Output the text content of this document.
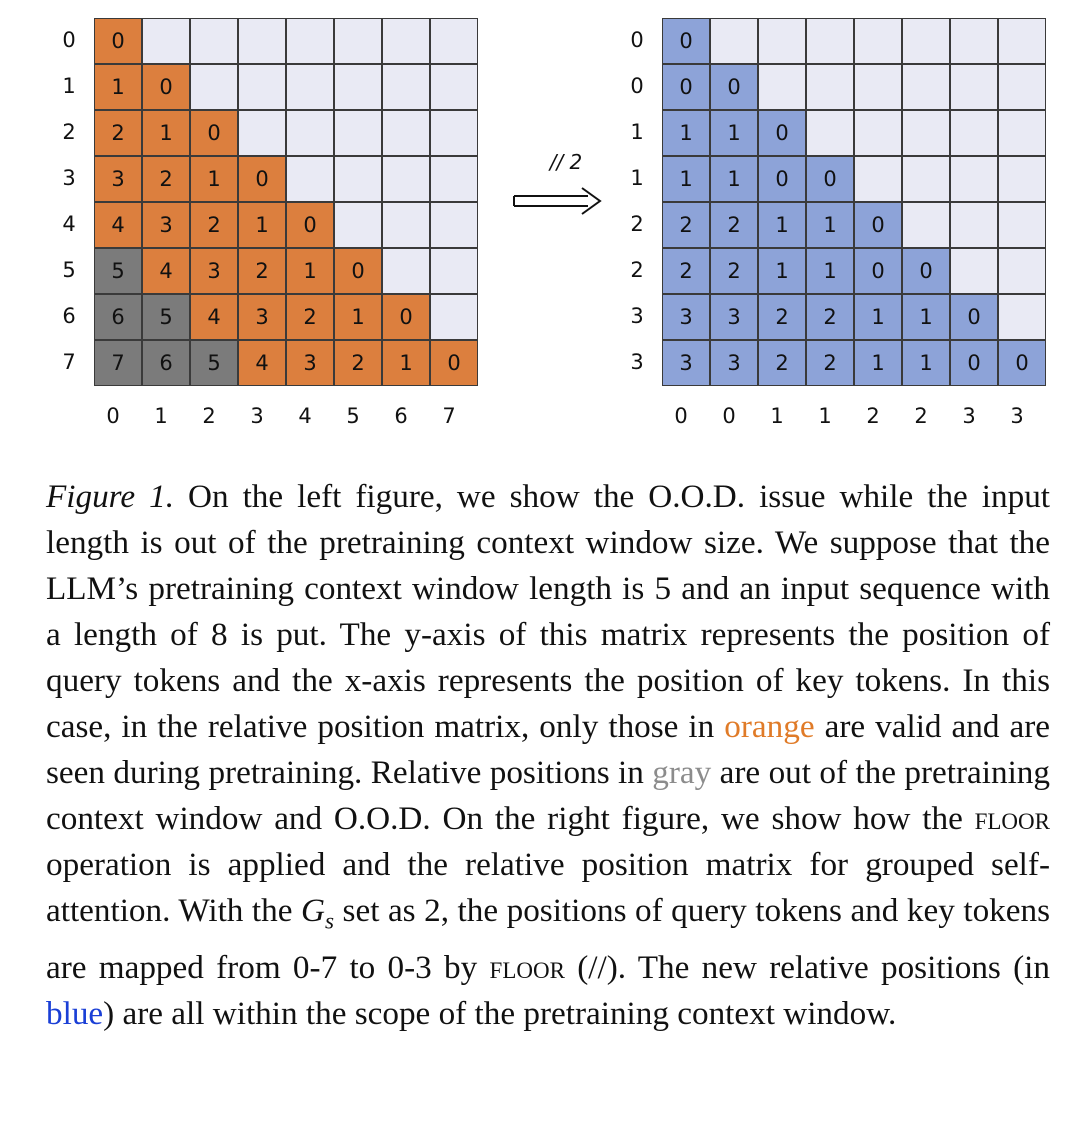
0
1	0
2	1	0
3	2	1	0
4	3	2	1	0
5	4	3	2	1	0
6	5	4	3	2	1	0
7	6	5	4	3	2	1	0
0
1
2
3
4
5
6
7
0	1	2	3	4	5	6	7
// 2
0
0	0
1	1	0
1	1	0	0
2	2	1	1	0
2	2	1	1	0	0
3	3	2	2	1	1	0
3	3	2	2	1	1	0	0
0
0
1
1
2
2
3
3
0	0	1	1	2	2	3	3
Figure 1. On the left figure, we show the O.O.D. issue while the input length is out of the pretraining context window size. We suppose that the LLM’s pretraining context window length is 5 and an input sequence with a length of 8 is put. The y-axis of this matrix represents the position of query tokens and the x-axis represents the position of key tokens. In this case, in the relative position matrix, only those in orange are valid and are seen during pretraining. Relative positions in gray are out of the pretraining context window and O.O.D. On the right figure, we show how the floor operation is applied and the relative position matrix for grouped self-attention. With the $G_s$ set as 2, the positions of query tokens and key tokens are mapped from 0-7 to 0-3 by floor (//). The new relative positions (in blue) are all within the scope of the pretraining context window.
